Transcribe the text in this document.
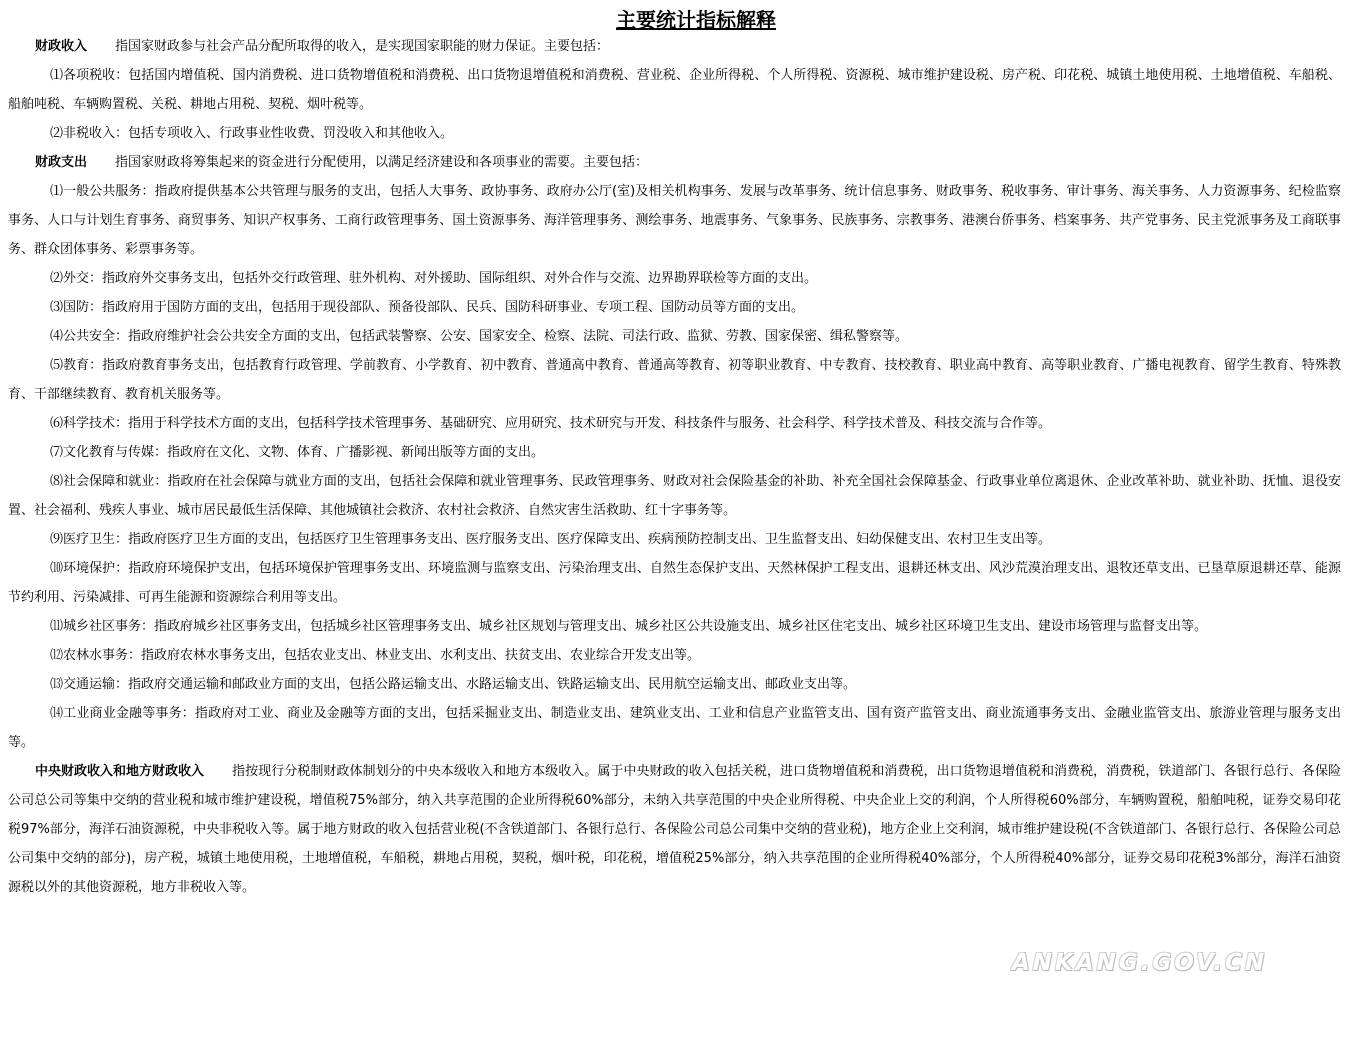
主要统计指标解释

财政收入 指国家财政参与社会产品分配所取得的收入，是实现国家职能的财力保证。主要包括：

⑴各项税收：包括国内增值税、国内消费税、进口货物增值税和消费税、出口货物退增值税和消费税、营业税、企业所得税、个人所得税、资源税、城市维护建设税、房产税、印花税、城镇土地使用税、土地增值税、车船税、船舶吨税、车辆购置税、关税、耕地占用税、契税、烟叶税等。

⑵非税收入：包括专项收入、行政事业性收费、罚没收入和其他收入。

财政支出 指国家财政将筹集起来的资金进行分配使用，以满足经济建设和各项事业的需要。主要包括：

⑴一般公共服务：指政府提供基本公共管理与服务的支出，包括人大事务、政协事务、政府办公厅(室)及相关机构事务、发展与改革事务、统计信息事务、财政事务、税收事务、审计事务、海关事务、人力资源事务、纪检监察事务、人口与计划生育事务、商贸事务、知识产权事务、工商行政管理事务、国土资源事务、海洋管理事务、测绘事务、地震事务、气象事务、民族事务、宗教事务、港澳台侨事务、档案事务、共产党事务、民主党派事务及工商联事务、群众团体事务、彩票事务等。

⑵外交：指政府外交事务支出，包括外交行政管理、驻外机构、对外援助、国际组织、对外合作与交流、边界勘界联检等方面的支出。

⑶国防：指政府用于国防方面的支出，包括用于现役部队、预备役部队、民兵、国防科研事业、专项工程、国防动员等方面的支出。

⑷公共安全：指政府维护社会公共安全方面的支出，包括武装警察、公安、国家安全、检察、法院、司法行政、监狱、劳教、国家保密、缉私警察等。

⑸教育：指政府教育事务支出，包括教育行政管理、学前教育、小学教育、初中教育、普通高中教育、普通高等教育、初等职业教育、中专教育、技校教育、职业高中教育、高等职业教育、广播电视教育、留学生教育、特殊教育、干部继续教育、教育机关服务等。

⑹科学技术：指用于科学技术方面的支出，包括科学技术管理事务、基础研究、应用研究、技术研究与开发、科技条件与服务、社会科学、科学技术普及、科技交流与合作等。

⑺文化教育与传媒：指政府在文化、文物、体育、广播影视、新闻出版等方面的支出。

⑻社会保障和就业：指政府在社会保障与就业方面的支出，包括社会保障和就业管理事务、民政管理事务、财政对社会保险基金的补助、补充全国社会保障基金、行政事业单位离退休、企业改革补助、就业补助、抚恤、退役安置、社会福利、残疾人事业、城市居民最低生活保障、其他城镇社会救济、农村社会救济、自然灾害生活救助、红十字事务等。

⑼医疗卫生：指政府医疗卫生方面的支出，包括医疗卫生管理事务支出、医疗服务支出、医疗保障支出、疾病预防控制支出、卫生监督支出、妇幼保健支出、农村卫生支出等。

⑽环境保护：指政府环境保护支出，包括环境保护管理事务支出、环境监测与监察支出、污染治理支出、自然生态保护支出、天然林保护工程支出、退耕还林支出、风沙荒漠治理支出、退牧还草支出、已垦草原退耕还草、能源节约利用、污染减排、可再生能源和资源综合利用等支出。

⑾城乡社区事务：指政府城乡社区事务支出，包括城乡社区管理事务支出、城乡社区规划与管理支出、城乡社区公共设施支出、城乡社区住宅支出、城乡社区环境卫生支出、建设市场管理与监督支出等。

⑿农林水事务：指政府农林水事务支出，包括农业支出、林业支出、水利支出、扶贫支出、农业综合开发支出等。

⒀交通运输：指政府交通运输和邮政业方面的支出，包括公路运输支出、水路运输支出、铁路运输支出、民用航空运输支出、邮政业支出等。

⒁工业商业金融等事务：指政府对工业、商业及金融等方面的支出，包括采掘业支出、制造业支出、建筑业支出、工业和信息产业监管支出、国有资产监管支出、商业流通事务支出、金融业监管支出、旅游业管理与服务支出等。

中央财政收入和地方财政收入 指按现行分税制财政体制划分的中央本级收入和地方本级收入。属于中央财政的收入包括关税，进口货物增值税和消费税，出口货物退增值税和消费税，消费税，铁道部门、各银行总行、各保险公司总公司等集中交纳的营业税和城市维护建设税，增值税75%部分，纳入共享范围的企业所得税60%部分，未纳入共享范围的中央企业所得税、中央企业上交的利润，个人所得税60%部分，车辆购置税，船舶吨税，证券交易印花税97%部分，海洋石油资源税，中央非税收入等。属于地方财政的收入包括营业税(不含铁道部门、各银行总行、各保险公司总公司集中交纳的营业税)，地方企业上交利润，城市维护建设税(不含铁道部门、各银行总行、各保险公司总公司集中交纳的部分)，房产税，城镇土地使用税，土地增值税，车船税，耕地占用税，契税，烟叶税，印花税，增值税25%部分，纳入共享范围的企业所得税40%部分，个人所得税40%部分，证券交易印花税3%部分，海洋石油资源税以外的其他资源税，地方非税收入等。

ANKANG.GOV.CN
